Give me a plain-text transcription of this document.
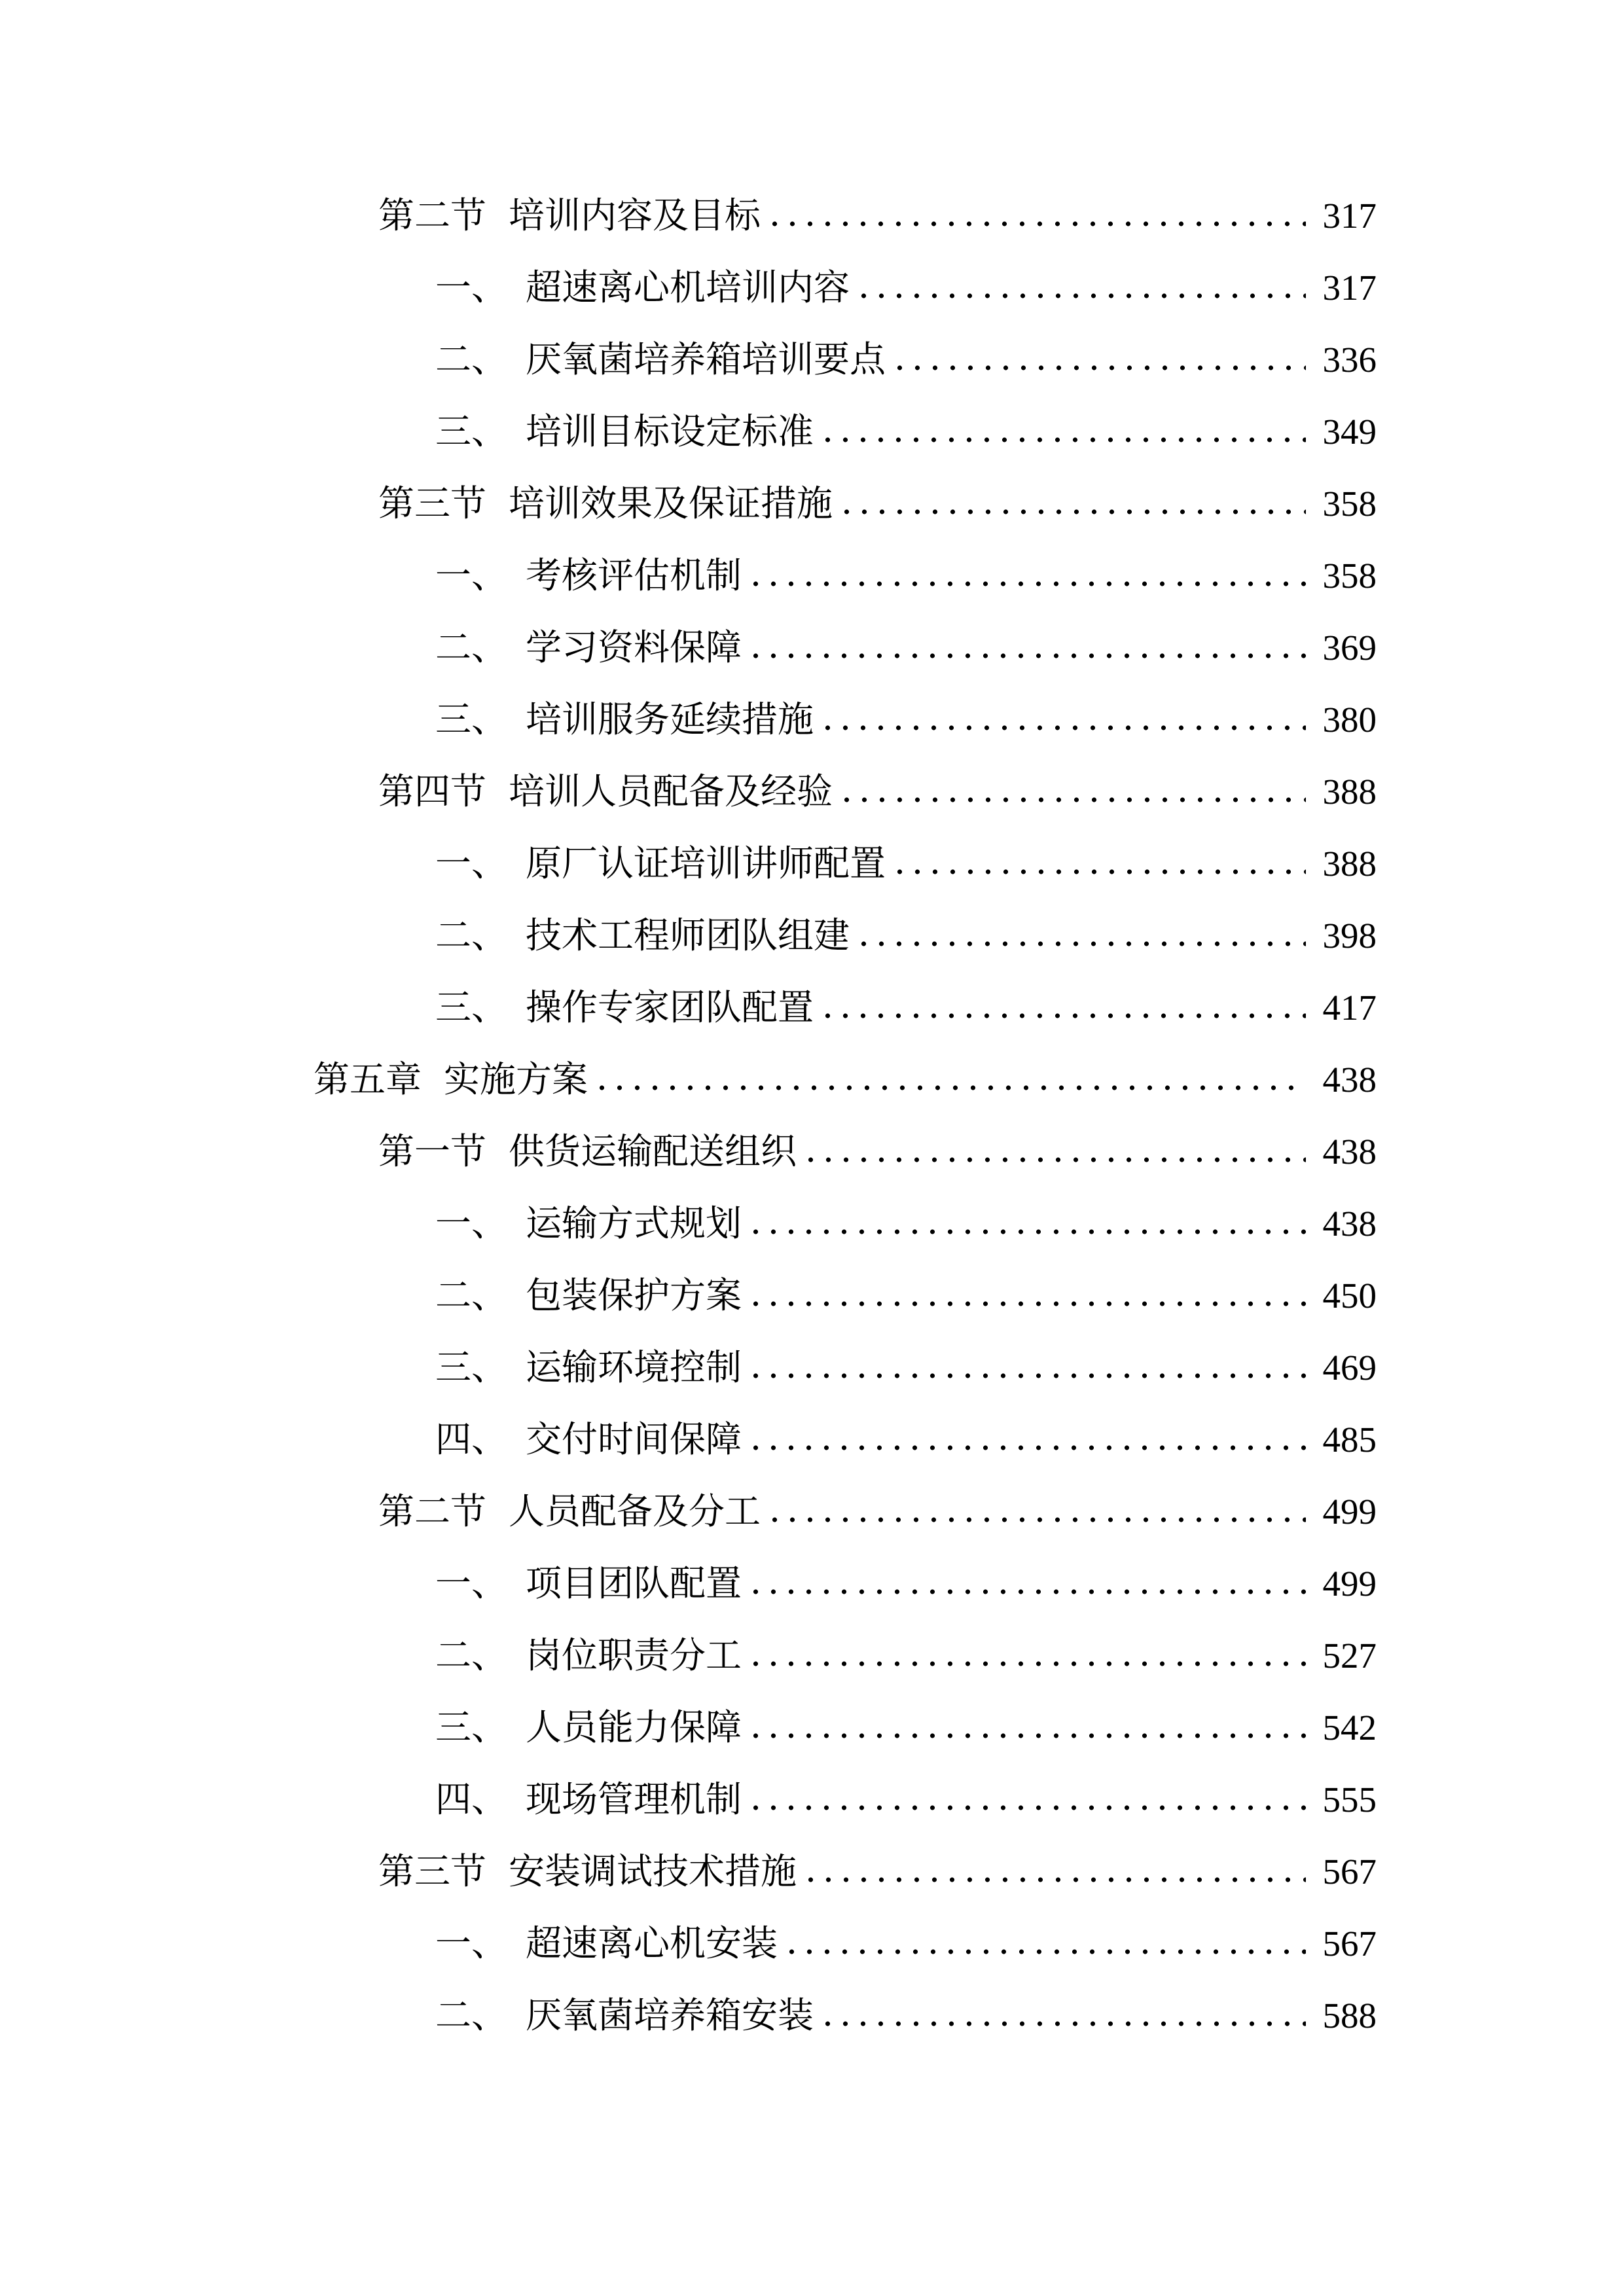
第二节 培训内容及目标	317
一、 超速离心机培训内容	317
二、 厌氧菌培养箱培训要点	336
三、 培训目标设定标准	349
第三节 培训效果及保证措施	358
一、 考核评估机制	358
二、 学习资料保障	369
三、 培训服务延续措施	380
第四节 培训人员配备及经验	388
一、 原厂认证培训讲师配置	388
二、 技术工程师团队组建	398
三、 操作专家团队配置	417
第五章 实施方案	438
第一节 供货运输配送组织	438
一、 运输方式规划	438
二、 包装保护方案	450
三、 运输环境控制	469
四、 交付时间保障	485
第二节 人员配备及分工	499
一、 项目团队配置	499
二、 岗位职责分工	527
三、 人员能力保障	542
四、 现场管理机制	555
第三节 安装调试技术措施	567
一、 超速离心机安装	567
二、 厌氧菌培养箱安装	588
